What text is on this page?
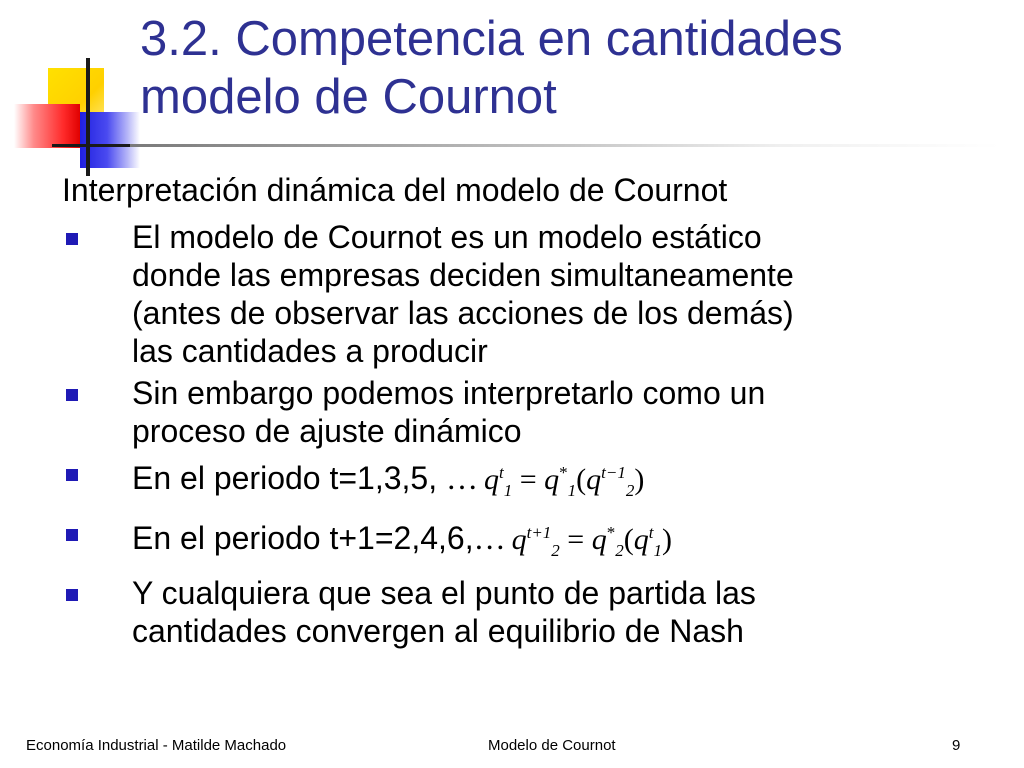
3.2. Competencia en cantidades
modelo de Cournot

Interpretación dinámica del modelo de Cournot

El modelo de Cournot es un modelo estático
donde las empresas deciden simultaneamente
(antes de observar las acciones de los demás)
las cantidades a producir
Sin embargo podemos interpretarlo como un
proceso de ajuste dinámico
En el periodo t=1,3,5, … $q^t_1 = q^*_1(q^{t-1}_2)$
En el periodo t+1=2,4,6,… $q^{t+1}_2 = q^*_2(q^t_1)$
Y cualquiera que sea el punto de partida las
cantidades convergen al equilibrio de Nash
Economía Industrial - Matilde Machado	Modelo de Cournot	9
